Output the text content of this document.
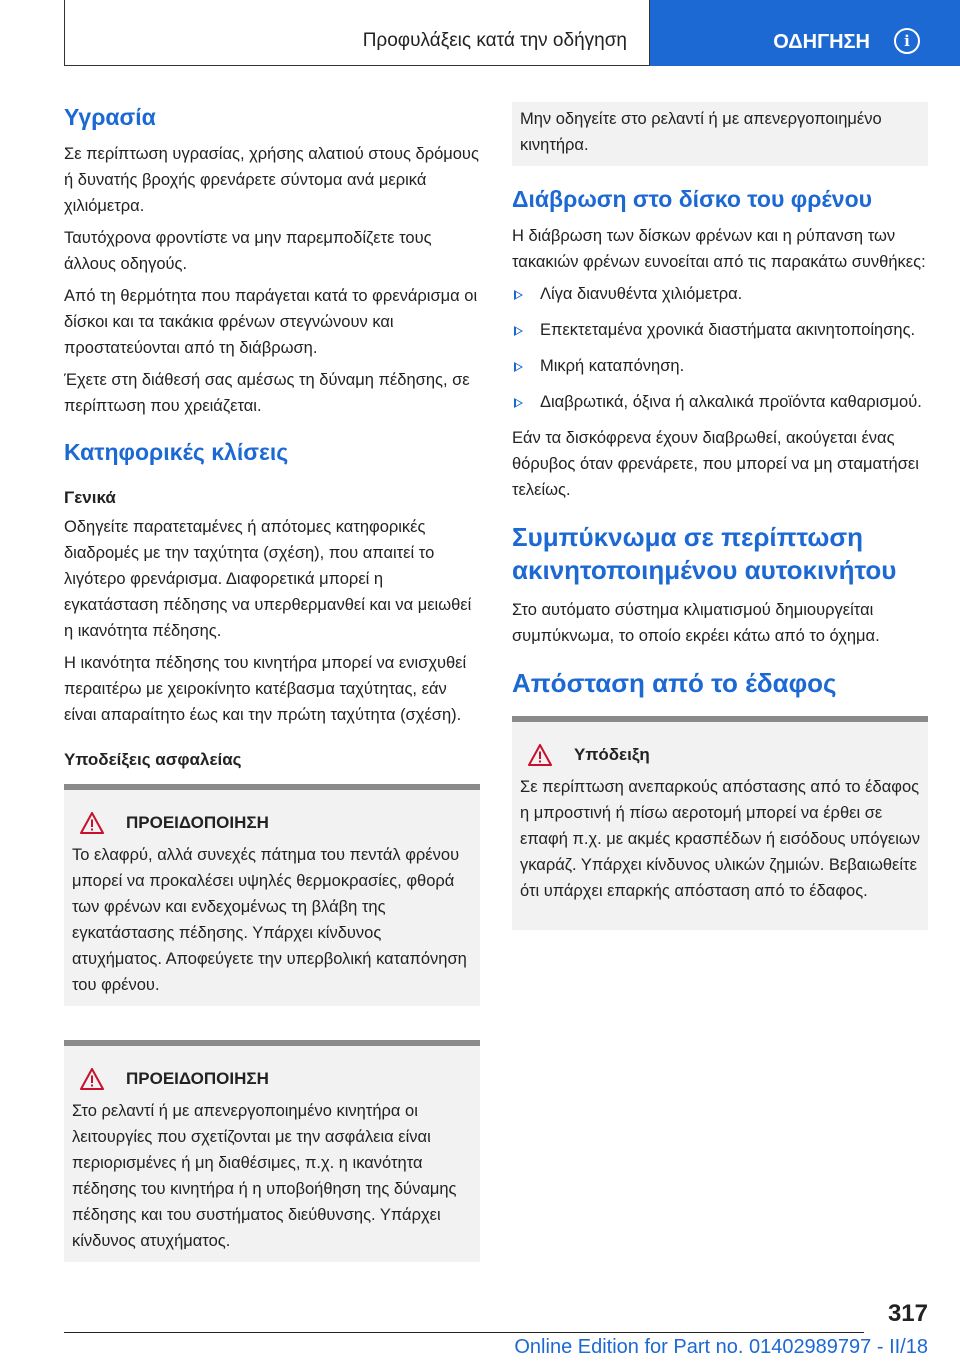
Προφυλάξεις κατά την οδήγηση	ΟΔΗΓΗΣΗ	i
Υγρασία

Σε περίπτωση υγρασίας, χρήσης αλατιού στους δρόμους ή δυνατής βροχής φρενάρετε σύντομα ανά μερικά χιλιόμετρα.

Ταυτόχρονα φροντίστε να μην παρεμποδίζετε τους άλλους οδηγούς.

Από τη θερμότητα που παράγεται κατά το φρενάρισμα οι δίσκοι και τα τακάκια φρένων στεγνώνουν και προστατεύονται από τη διάβρωση.

Έχετε στη διάθεσή σας αμέσως τη δύναμη πέδησης, σε περίπτωση που χρειάζεται.

Κατηφορικές κλίσεις
Γενικά

Οδηγείτε παρατεταμένες ή απότομες κατηφορικές διαδρομές με την ταχύτητα (σχέση), που απαιτεί το λιγότερο φρενάρισμα. Διαφορετικά μπορεί η εγκατάσταση πέδησης να υπερθερμανθεί και να μειωθεί η ικανότητα πέδησης.

Η ικανότητα πέδησης του κινητήρα μπορεί να ενισχυθεί περαιτέρω με χειροκίνητο κατέβασμα ταχύτητας, εάν είναι απαραίτητο έως και την πρώτη ταχύτητα (σχέση).

Υποδείξεις ασφαλείας
ΠΡΟΕΙΔΟΠΟΙΗΣΗ

Το ελαφρύ, αλλά συνεχές πάτημα του πεντάλ φρένου μπορεί να προκαλέσει υψηλές θερμοκρασίες, φθορά των φρένων και ενδεχομένως τη βλάβη της εγκατάστασης πέδησης. Υπάρχει κίνδυνος ατυχήματος. Αποφεύγετε την υπερβολική καταπόνηση του φρένου.

ΠΡΟΕΙΔΟΠΟΙΗΣΗ

Στο ρελαντί ή με απενεργοποιημένο κινητήρα οι λειτουργίες που σχετίζονται με την ασφάλεια είναι περιορισμένες ή μη διαθέσιμες, π.χ. η ικανότητα πέδησης του κινητήρα ή η υποβοήθηση της δύναμης πέδησης και του συστήματος διεύθυνσης. Υπάρχει κίνδυνος ατυχήματος.

Μην οδηγείτε στο ρελαντί ή με απενεργοποιημένο κινητήρα.

Διάβρωση στο δίσκο του φρένου

Η διάβρωση των δίσκων φρένων και η ρύπανση των τακακιών φρένων ευνοείται από τις παρακάτω συνθήκες:

Λίγα διανυθέντα χιλιόμετρα.
Επεκτεταμένα χρονικά διαστήματα ακινητοποίησης.
Μικρή καταπόνηση.
Διαβρωτικά, όξινα ή αλκαλικά προϊόντα καθαρισμού.

Εάν τα δισκόφρενα έχουν διαβρωθεί, ακούγεται ένας θόρυβος όταν φρενάρετε, που μπορεί να μη σταματήσει τελείως.

Συμπύκνωμα σε περίπτωση ακινητοποιημένου αυτοκινήτου

Στο αυτόματο σύστημα κλιματισμού δημιουργείται συμπύκνωμα, το οποίο εκρέει κάτω από το όχημα.

Απόσταση από το έδαφος
Υπόδειξη

Σε περίπτωση ανεπαρκούς απόστασης από το έδαφος η μπροστινή ή πίσω αεροτομή μπορεί να έρθει σε επαφή π.χ. με ακμές κρασπέδων ή εισόδους υπόγειων γκαράζ. Υπάρχει κίνδυνος υλικών ζημιών. Βεβαιωθείτε ότι υπάρχει επαρκής απόσταση από το έδαφος.

317
Online Edition for Part no. 01402989797 - II/18
